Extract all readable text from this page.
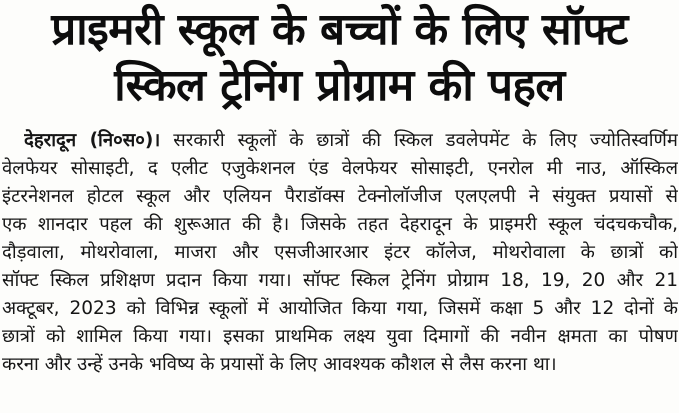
प्राइमरी स्कूल के बच्चों के लिए सॉफ्ट
स्किल ट्रेनिंग प्रोग्राम की पहल
देहरादून (नि०स०)। सरकारी स्कूलों के छात्रों की स्किल डवलेपमेंट के लिए ज्योतिस्वर्णिम
वेलफेयर सोसाइटी, द एलीट एजुकेशनल एंड वेलफेयर सोसाइटी, एनरोल मी नाउ, ऑस्किल
इंटरनेशनल होटल स्कूल और एलियन पैराडॉक्स टेक्नोलॉजीज एलएलपी ने संयुक्त प्रयासों से
एक शानदार पहल की शुरूआत की है। जिसके तहत देहरादून के प्राइमरी स्कूल चंदचकचौक,
दौड़वाला, मोथरोवाला, माजरा और एसजीआरआर इंटर कॉलेज, मोथरोवाला के छात्रों को
सॉफ्ट स्किल प्रशिक्षण प्रदान किया गया। सॉफ्ट स्किल ट्रेनिंग प्रोग्राम 18, 19, 20 और 21
अक्टूबर, 2023 को विभिन्न स्कूलों में आयोजित किया गया, जिसमें कक्षा 5 और 12 दोनों के
छात्रों को शामिल किया गया। इसका प्राथमिक लक्ष्य युवा दिमागों की नवीन क्षमता का पोषण
करना और उन्हें उनके भविष्य के प्रयासों के लिए आवश्यक कौशल से लैस करना था।
